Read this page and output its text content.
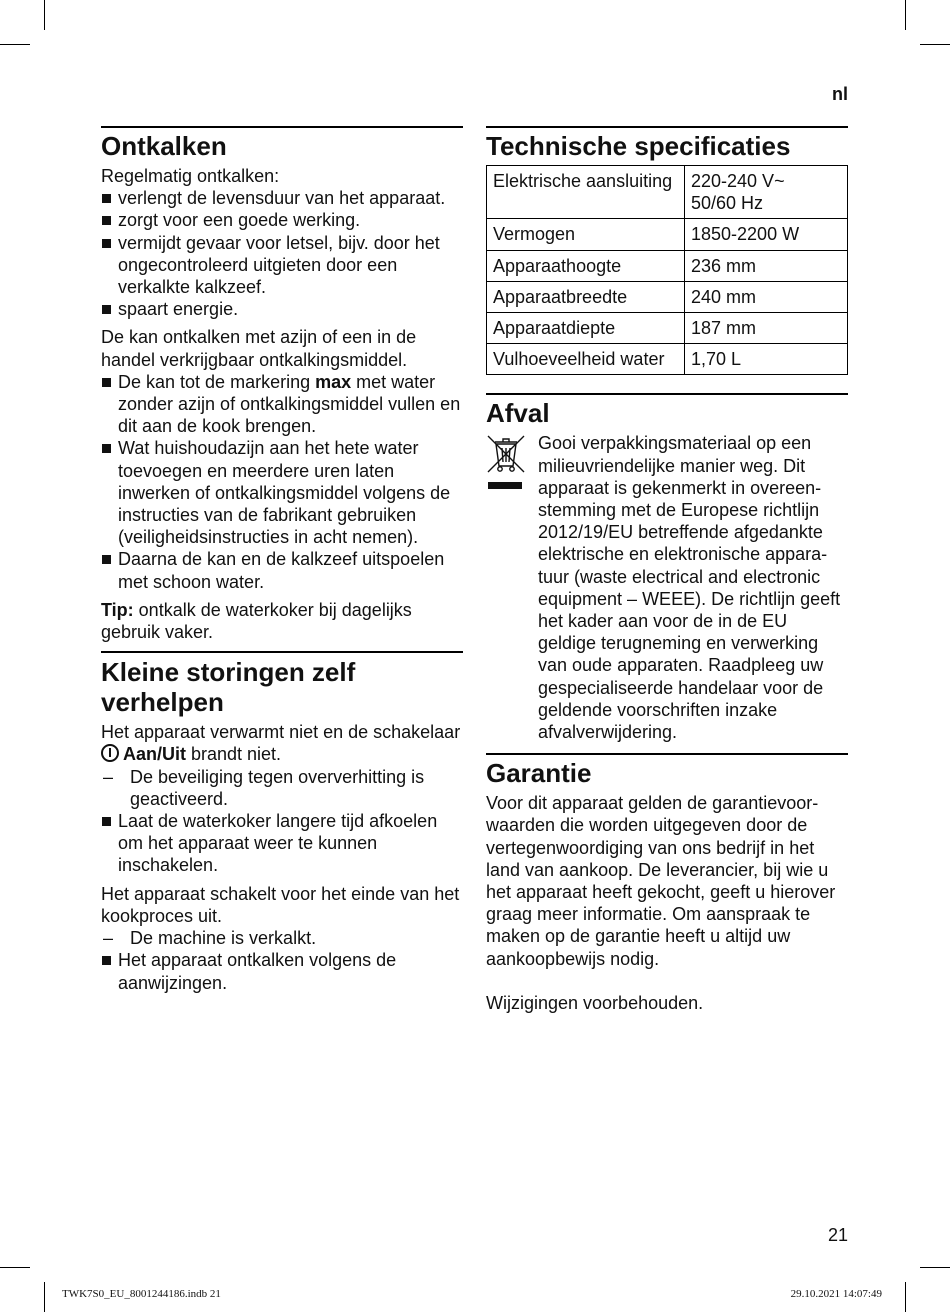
nl
Ontkalken

Regelmatig ontkalken:

verlengt de levensduur van het apparaat.
zorgt voor een goede werking.
vermijdt gevaar voor letsel, bijv. door het ongecontroleerd uitgieten door een verkalkte kalkzeef.
spaart energie.

De kan ontkalken met azijn of een in de handel verkrijgbaar ontkalkingsmiddel.

De kan tot de markering max met water zonder azijn of ontkalkingsmiddel vullen en dit aan de kook brengen.
Wat huishoudazijn aan het hete water toevoegen en meerdere uren laten inwerken of ontkalkingsmiddel volgens de instructies van de fabrikant gebruiken (veiligheidsinstructies in acht nemen).
Daarna de kan en de kalkzeef uitspoelen met schoon water.

Tip: ontkalk de waterkoker bij dagelijks gebruik vaker.

Kleine storingen zelf
verhelpen

Het apparaat verwarmt niet en de schakelaar Aan/Uit brandt niet.

– De beveiliging tegen oververhitting is geactiveerd.
Laat de waterkoker langere tijd afkoelen om het apparaat weer te kunnen inschakelen.

Het apparaat schakelt voor het einde van het kookproces uit.

– De machine is verkalkt.
Het apparaat ontkalken volgens de aanwijzingen.
Technische specificaties
Elektrische aansluiting	220-240 V~
50/60 Hz
Vermogen	1850-2200 W
Apparaathoogte	236 mm
Apparaatbreedte	240 mm
Apparaatdiepte	187 mm
Vulhoeveelheid water	1,70 L
Afval

Gooi verpakkingsmateriaal op een milieuvriendelijke manier weg. Dit apparaat is gekenmerkt in overeenstemming met de Europese richtlijn 2012/19/EU betreffende afgedankte elektrische en elektronische apparatuur (waste electrical and electronic equipment – WEEE). De richtlijn geeft het kader aan voor de in de EU geldige terugneming en verwerking van oude apparaten. Raadpleeg uw gespecialiseerde handelaar voor de geldende voorschriften inzake afvalverwijdering.

Garantie

Voor dit apparaat gelden de garantievoorwaarden die worden uitgegeven door de vertegenwoordiging van ons bedrijf in het land van aankoop. De leverancier, bij wie u het apparaat heeft gekocht, geeft u hierover graag meer informatie. Om aanspraak te maken op de garantie heeft u altijd uw aankoopbewijs nodig.

Wijzigingen voorbehouden.

21
TWK7S0_EU_8001244186.indb 21	29.10.2021 14:07:49
